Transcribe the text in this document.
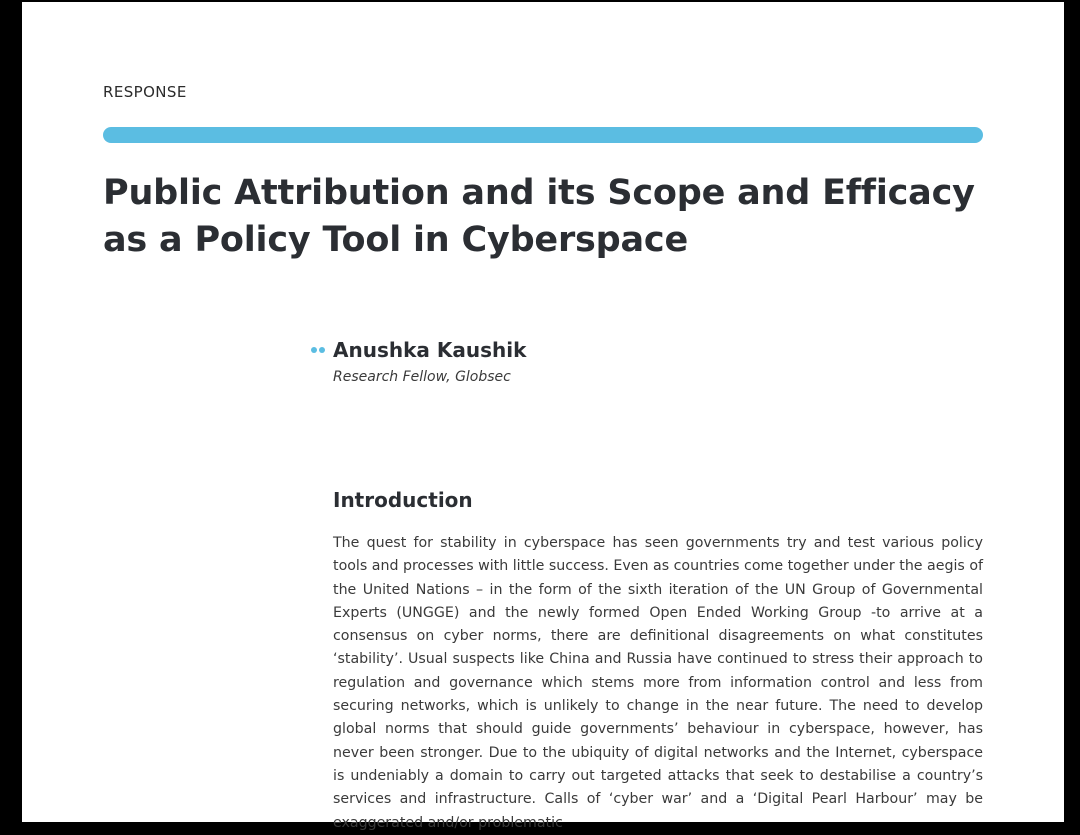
RESPONSE
Public Attribution and its Scope and Efficacy as a Policy Tool in Cyberspace
Anushka Kaushik
Research Fellow, Globsec
Introduction

The quest for stability in cyberspace has seen governments try and test various policy tools and processes with little success. Even as countries come together under the aegis of the United Nations – in the form of the sixth iteration of the UN Group of Governmental Experts (UNGGE) and the newly formed Open Ended Working Group -to arrive at a consensus on cyber norms, there are definitional disagreements on what constitutes ‘stability’. Usual suspects like China and Russia have continued to stress their approach to regulation and governance which stems more from information control and less from securing networks, which is unlikely to change in the near future. The need to develop global norms that should guide governments’ behaviour in cyberspace, however, has never been stronger. Due to the ubiquity of digital networks and the Internet, cyberspace is undeniably a domain to carry out targeted attacks that seek to destabilise a country’s services and infrastructure. Calls of ‘cyber war’ and a ‘Digital Pearl Harbour’ may be exaggerated and/or problematic
